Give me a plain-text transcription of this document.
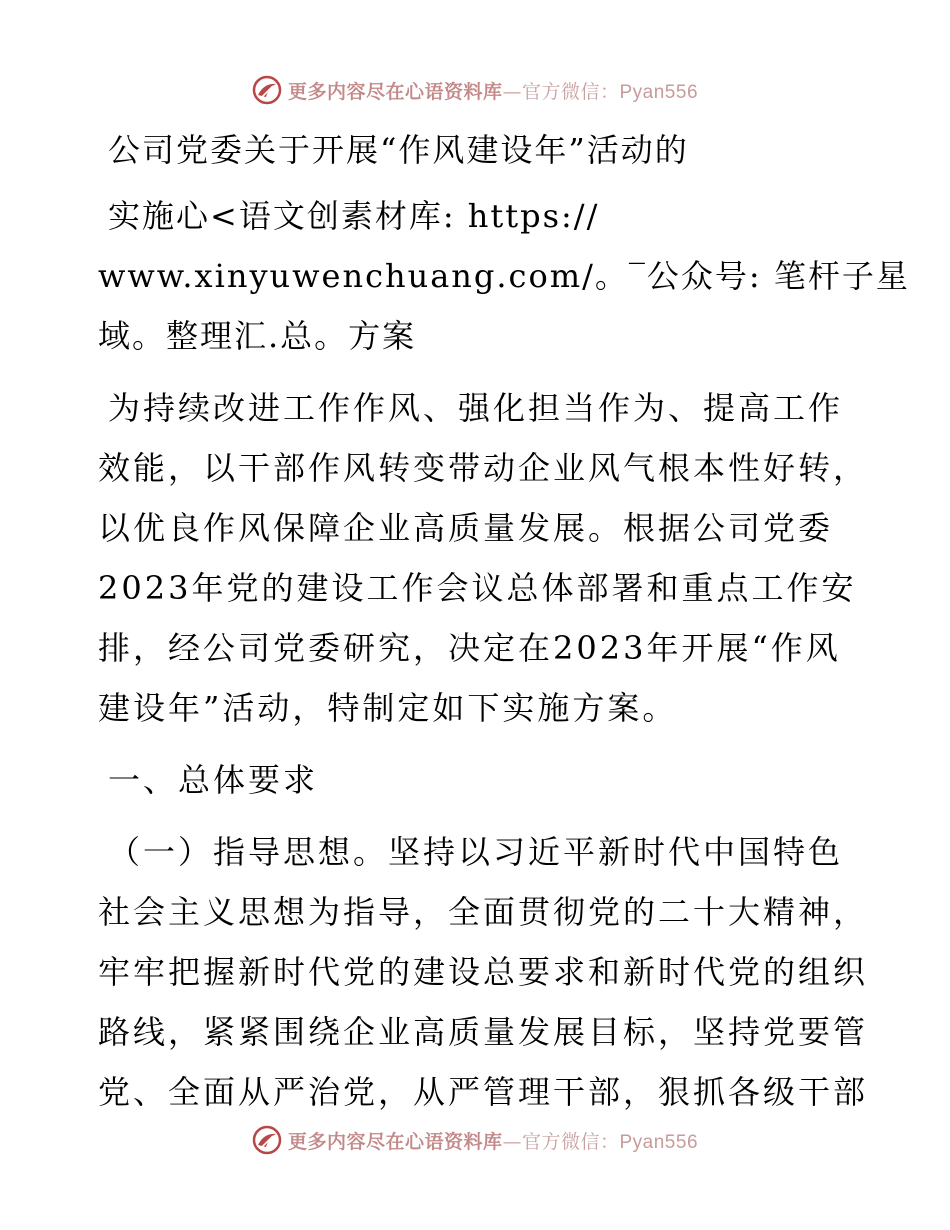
更多内容尽在心语资料库—官方微信：Pyan556
公司党委关于开展“作风建设年”活动的
实施心<语文创素材库: https://
www.xinyuwenchuang.com/。‾公众号: 笔杆子星
域。整理汇.总。方案
为持续改进工作作风、强化担当作为、提高工作
效能，以干部作风转变带动企业风气根本性好转，
以优良作风保障企业高质量发展。根据公司党委
2023年党的建设工作会议总体部署和重点工作安
排，经公司党委研究，决定在2023年开展“作风
建设年”活动，特制定如下实施方案。
一、总体要求
（一）指导思想。坚持以习近平新时代中国特色
社会主义思想为指导，全面贯彻党的二十大精神，
牢牢把握新时代党的建设总要求和新时代党的组织
路线，紧紧围绕企业高质量发展目标，坚持党要管
党、全面从严治党，从严管理干部，狠抓各级干部
更多内容尽在心语资料库—官方微信：Pyan556
